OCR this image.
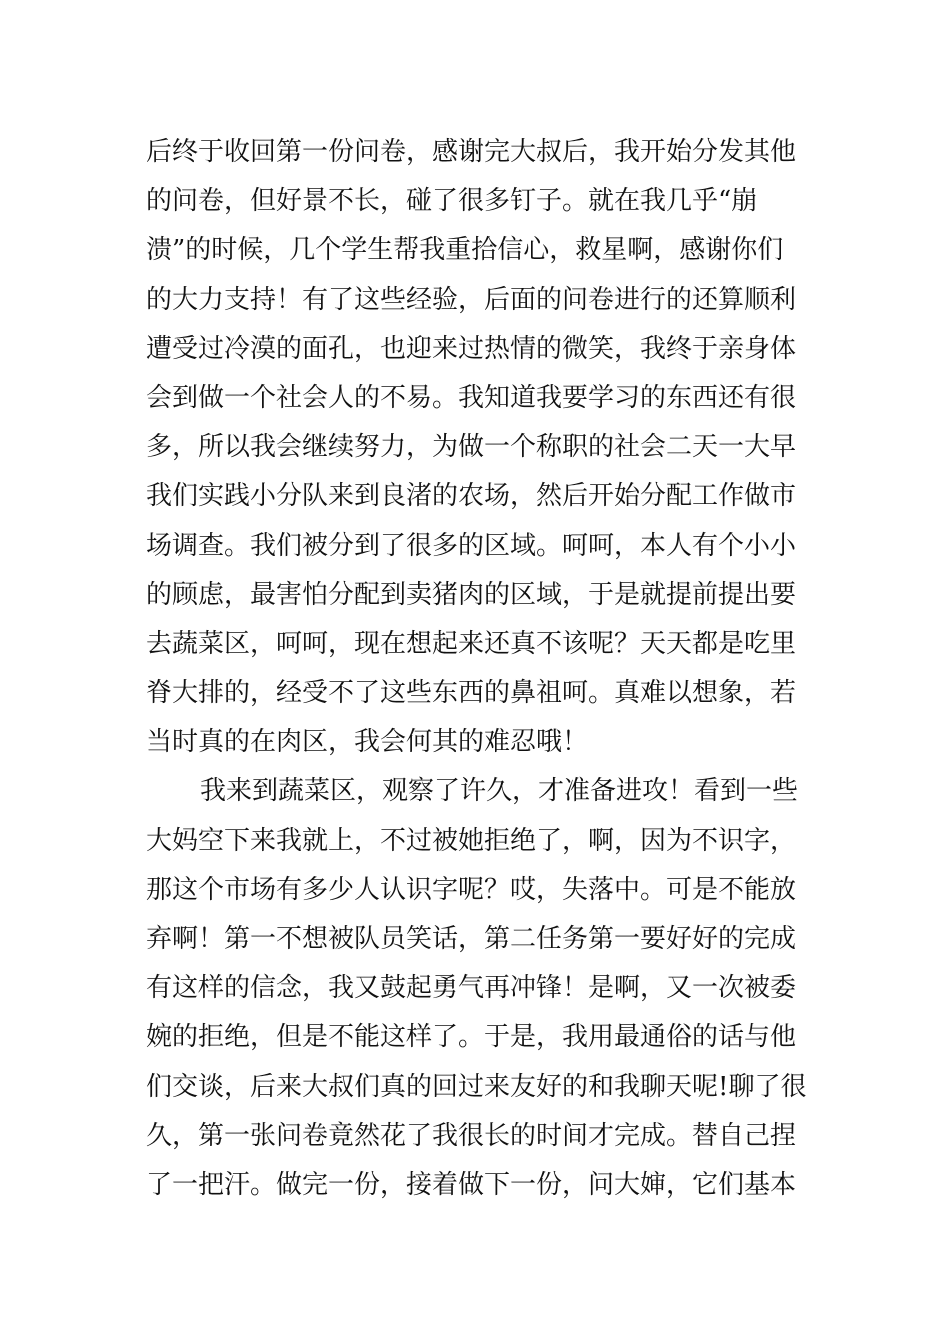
后终于收回第一份问卷，感谢完大叔后，我开始分发其他
的问卷，但好景不长，碰了很多钉子。就在我几乎“崩
溃”的时候，几个学生帮我重拾信心，救星啊，感谢你们
的大力支持！有了这些经验，后面的问卷进行的还算顺利
遭受过冷漠的面孔，也迎来过热情的微笑，我终于亲身体
会到做一个社会人的不易。我知道我要学习的东西还有很
多，所以我会继续努力，为做一个称职的社会二天一大早
我们实践小分队来到良渚的农场，然后开始分配工作做市
场调查。我们被分到了很多的区域。呵呵，本人有个小小
的顾虑，最害怕分配到卖猪肉的区域，于是就提前提出要
去蔬菜区，呵呵，现在想起来还真不该呢？天天都是吃里
脊大排的，经受不了这些东西的鼻祖呵。真难以想象，若
当时真的在肉区，我会何其的难忍哦！
我来到蔬菜区，观察了许久，才准备进攻！看到一些
大妈空下来我就上，不过被她拒绝了，啊，因为不识字，
那这个市场有多少人认识字呢？哎，失落中。可是不能放
弃啊！第一不想被队员笑话，第二任务第一要好好的完成
有这样的信念，我又鼓起勇气再冲锋！是啊，又一次被委
婉的拒绝，但是不能这样了。于是，我用最通俗的话与他
们交谈，后来大叔们真的回过来友好的和我聊天呢!聊了很
久，第一张问卷竟然花了我很长的时间才完成。替自己捏
了一把汗。做完一份，接着做下一份，问大婶，它们基本
